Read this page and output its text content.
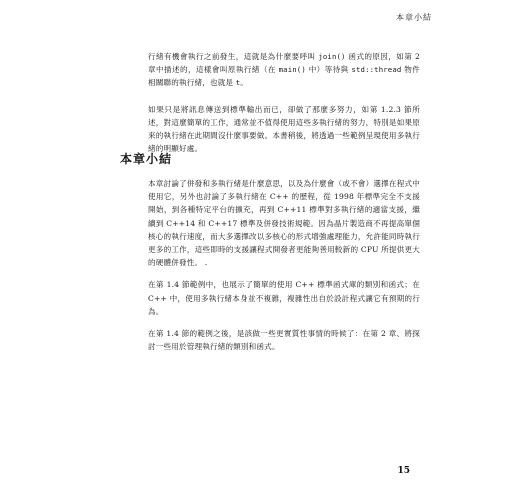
本章小結

行緒有機會執行之前發生，這就是為什麼要呼叫 join() 函式的原因，如第 2 章中描述的，這樣會叫原執行緒（在 main() 中）等待與 std::thread 物件相關聯的執行緒，也就是 t。

如果只是將訊息傳送到標準輸出而已，卻做了那麼多努力，如第 1.2.3 節所述，對這麼簡單的工作，通常並不值得使用這些多執行緒的努力，特別是如果原來的執行緒在此期間沒什麼事要做。本書稍後，將透過一些範例呈現使用多執行緒的明顯好處。

本章小結

本章討論了併發和多執行緒是什麼意思，以及為什麼會（或不會）選擇在程式中使用它，另外也討論了多執行緒在 C++ 的歷程，從 1998 年標準完全不支援開始，到各種特定平台的擴充，再到 C++11 標準對多執行緒的適當支援，繼續到 C++14 和 C++17 標準及併發技術規範。因為晶片製造商不再提高單個核心的執行速度，而大多選擇改以多核心的形式增強處理能力，允許能同時執行更多的工作，這些即時的支援讓程式開發者更能夠善用較新的 CPU 所提供更大的硬體併發性。 .

在第 1.4 節範例中，也展示了簡單的使用 C++ 標準函式庫的類別和函式；在 C++ 中，使用多執行緒本身並不複雜，複雜性出自於設計程式讓它有預期的行為。

在第 1.4 節的範例之後，是該做一些更實質性事情的時候了：在第 2 章、將探討一些用於管理執行緒的類別和函式。

15
